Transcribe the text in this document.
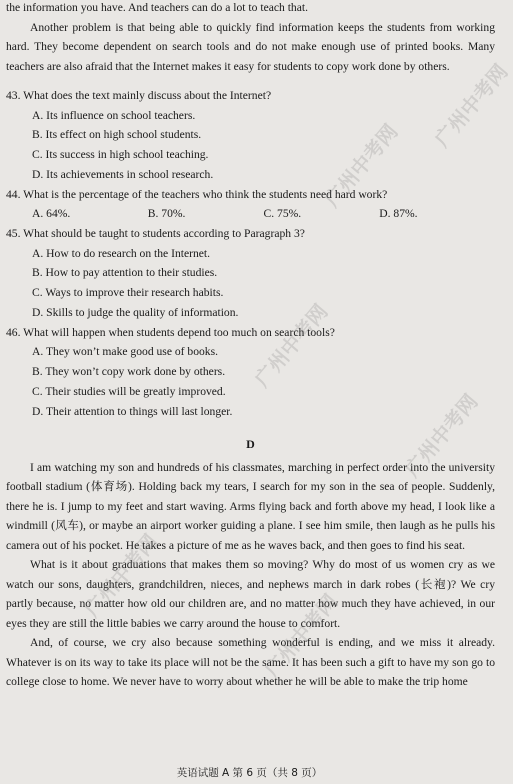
the information you have. And teachers can do a lot to teach that.

Another problem is that being able to quickly find information keeps the students from working hard. They become dependent on search tools and do not make enough use of printed books. Many teachers are also afraid that the Internet makes it easy for students to copy work done by others.

43. What does the text mainly discuss about the Internet?

A. Its influence on school teachers.

B. Its effect on high school students.

C. Its success in high school teaching.

D. Its achievements in school research.

44. What is the percentage of the teachers who think the students need hard work?

A. 64%.	B. 70%.	C. 75%.	D. 87%.

45. What should be taught to students according to Paragraph 3?

A. How to do research on the Internet.

B. How to pay attention to their studies.

C. Ways to improve their research habits.

D. Skills to judge the quality of information.

46. What will happen when students depend too much on search tools?

A. They won’t make good use of books.

B. They won’t copy work done by others.

C. Their studies will be greatly improved.

D. Their attention to things will last longer.

D

I am watching my son and hundreds of his classmates, marching in perfect order into the university football stadium (体育场). Holding back my tears, I search for my son in the sea of people. Suddenly, there he is. I jump to my feet and start waving. Arms flying back and forth above my head, I look like a windmill (风车), or maybe an airport worker guiding a plane. I see him smile, then laugh as he pulls his camera out of his pocket. He takes a picture of me as he waves back, and then goes to find his seat.

What is it about graduations that makes them so moving? Why do most of us women cry as we watch our sons, daughters, grandchildren, nieces, and nephews march in dark robes (长袍)? We cry partly because, no matter how old our children are, and no matter how much they have achieved, in our eyes they are still the little babies we carry around the house to comfort.

And, of course, we cry also because something wonderful is ending, and we miss it already. Whatever is on its way to take its place will not be the same. It has been such a gift to have my son go to college close to home. We never have to worry about whether he will be able to make the trip home

英语试题 A 第 6 页（共 8 页）
广州中考网
广州中考网
广州中考网
广州中考网
广州中考网
广州中考网
